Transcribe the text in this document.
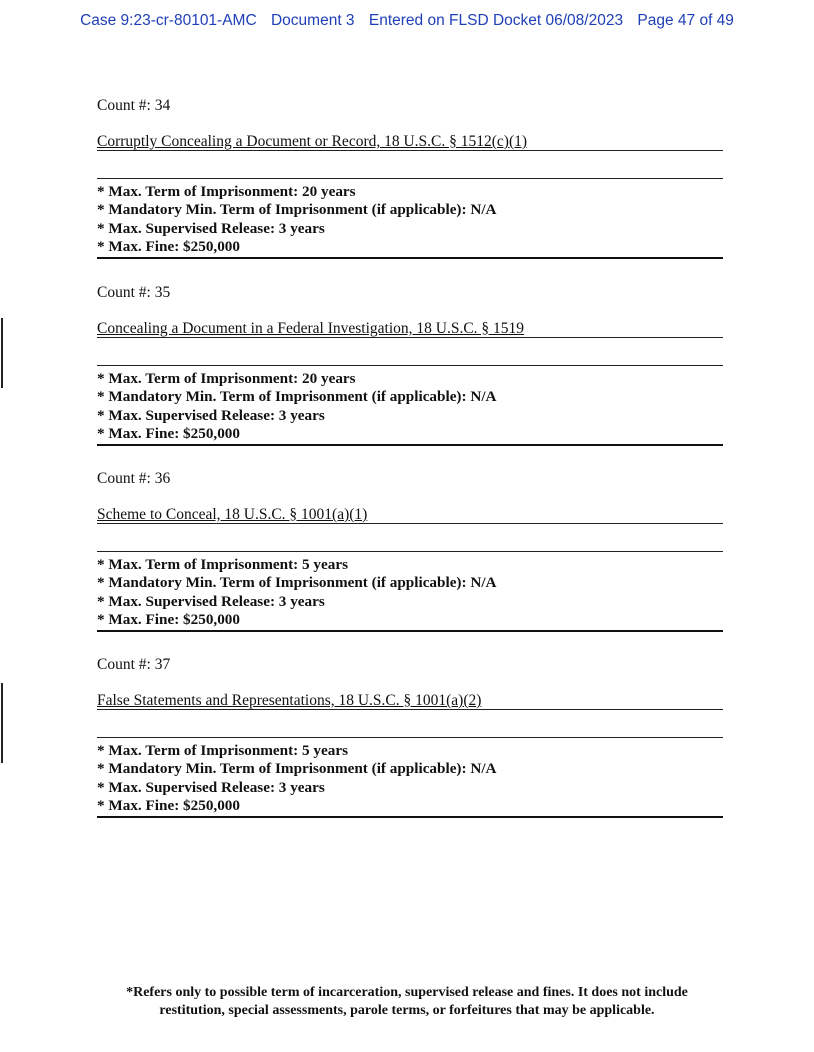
Case 9:23-cr-80101-AMC Document 3 Entered on FLSD Docket 06/08/2023 Page 47 of 49
Count #: 34
Corruptly Concealing a Document or Record, 18 U.S.C. § 1512(c)(1)
* Max. Term of Imprisonment: 20 years
* Mandatory Min. Term of Imprisonment (if applicable): N/A
* Max. Supervised Release: 3 years
* Max. Fine: $250,000
Count #: 35
Concealing a Document in a Federal Investigation, 18 U.S.C. § 1519
* Max. Term of Imprisonment: 20 years
* Mandatory Min. Term of Imprisonment (if applicable): N/A
* Max. Supervised Release: 3 years
* Max. Fine: $250,000
Count #: 36
Scheme to Conceal, 18 U.S.C. § 1001(a)(1)
* Max. Term of Imprisonment: 5 years
* Mandatory Min. Term of Imprisonment (if applicable): N/A
* Max. Supervised Release: 3 years
* Max. Fine: $250,000
Count #: 37
False Statements and Representations, 18 U.S.C. § 1001(a)(2)
* Max. Term of Imprisonment: 5 years
* Mandatory Min. Term of Imprisonment (if applicable): N/A
* Max. Supervised Release: 3 years
* Max. Fine: $250,000
*Refers only to possible term of incarceration, supervised release and fines. It does not include
restitution, special assessments, parole terms, or forfeitures that may be applicable.
